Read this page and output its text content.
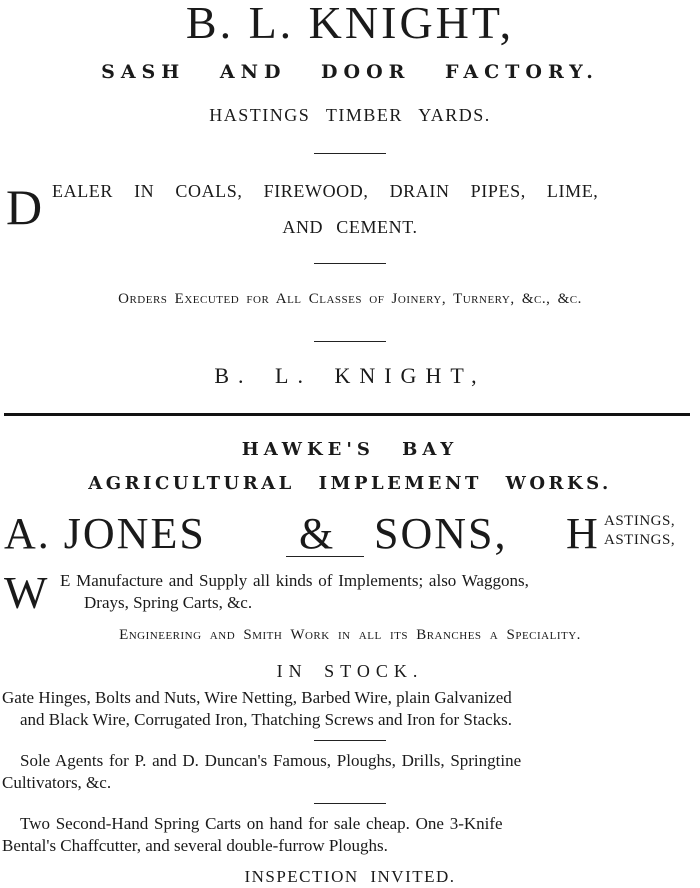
B. L. KNIGHT,
SASH AND DOOR FACTORY.
HASTINGS TIMBER YARDS.
D EALER IN COALS, FIREWOOD, DRAIN PIPES, LIME,
AND CEMENT.
Orders Executed for All Classes of Joinery, Turnery, &c., &c.
B. L. KNIGHT,
HAWKE'S BAY
AGRICULTURAL IMPLEMENT WORKS.
A. JONES & SONS, H ASTINGS,
ASTINGS,
W E Manufacture and Supply all kinds of Implements; also Waggons,
Drays, Spring Carts, &c.
Engineering and Smith Work in all its Branches a Speciality.
IN STOCK.
Gate Hinges, Bolts and Nuts, Wire Netting, Barbed Wire, plain Galvanized
and Black Wire, Corrugated Iron, Thatching Screws and Iron for Stacks.
Sole Agents for P. and D. Duncan's Famous, Ploughs, Drills, Springtine
Cultivators, &c.
Two Second-Hand Spring Carts on hand for sale cheap. One 3-Knife
Bental's Chaffcutter, and several double-furrow Ploughs.
INSPECTION INVITED.
